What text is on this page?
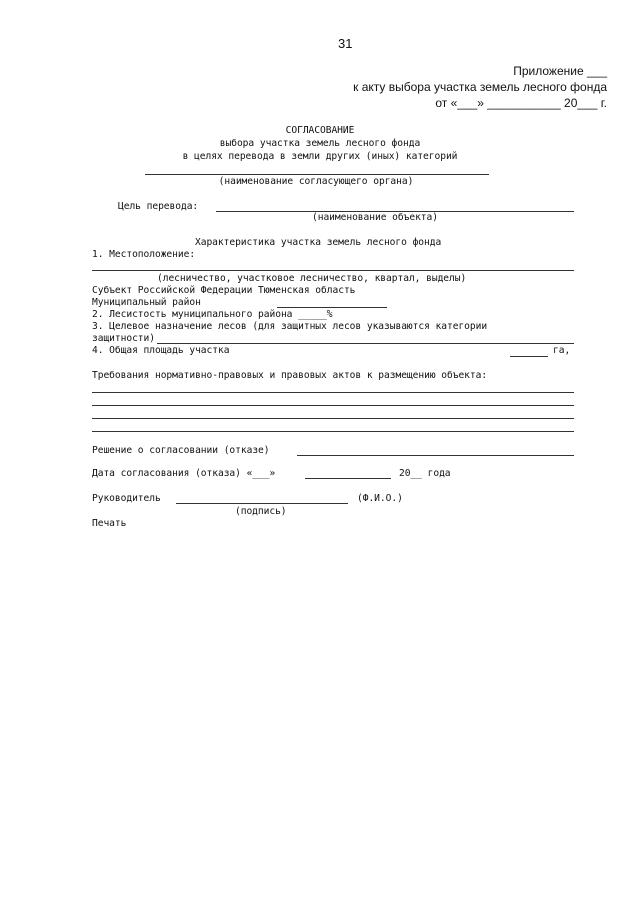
31
Приложение ___
к акту выбора участка земель лесного фонда
от «___» ___________ 20___ г.
СОГЛАСОВАНИЕ
выбора участка земель лесного фонда
в целях перевода в земли других (иных) категорий
(наименование согласующего органа)
Цель перевода:
(наименование объекта)
Характеристика участка земель лесного фонда
1. Местоположение:
(лесничество, участковое лесничество, квартал, выделы)
Субъект Российской Федерации Тюменская область
Муниципальный район
2. Лесистость муниципального района _____%
3. Целевое назначение лесов (для защитных лесов указываются категории
защитности)
4. Общая площадь участка	га,
Требования нормативно-правовых и правовых актов к размещению объекта:
Решение о согласовании (отказе)
Дата согласования (отказа) «___»	20__ года
Руководитель	(Ф.И.О.)
(подпись)
Печать
